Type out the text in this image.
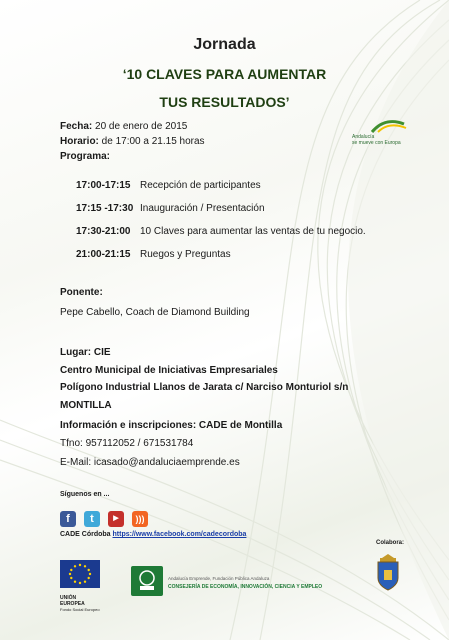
Jornada
‘10 CLAVES PARA AUMENTAR
TUS RESULTADOS’
Andalucía
se mueve con Europa
Fecha: 20 de enero de 2015
Horario: de 17:00 a 21.15 horas
Programa:
17:00-17:15 Recepción de participantes
17:15 -17:30 Inauguración / Presentación
17:30-21:00 10 Claves para aumentar las ventas de tu negocio.
21:00-21:15 Ruegos y Preguntas
Ponente:
Pepe Cabello, Coach de Diamond Building
Lugar: CIE
Centro Municipal de Iniciativas Empresariales
Polígono Industrial Llanos de Jarata c/ Narciso Monturiol s/n
MONTILLA
Información e inscripciones: CADE de Montilla
Tfno: 957112052 / 671531784
E-Mail: icasado@andaluciaemprende.es
Síguenos en ...
f	t	▶	)))
CADE Córdoba https://www.facebook.com/cadecordoba
Colabora:
UNIÓN EUROPEA
Fondo Social Europeo
Andalucía Emprende, Fundación Pública Andaluza
CONSEJERÍA DE ECONOMÍA, INNOVACIÓN, CIENCIA Y EMPLEO
